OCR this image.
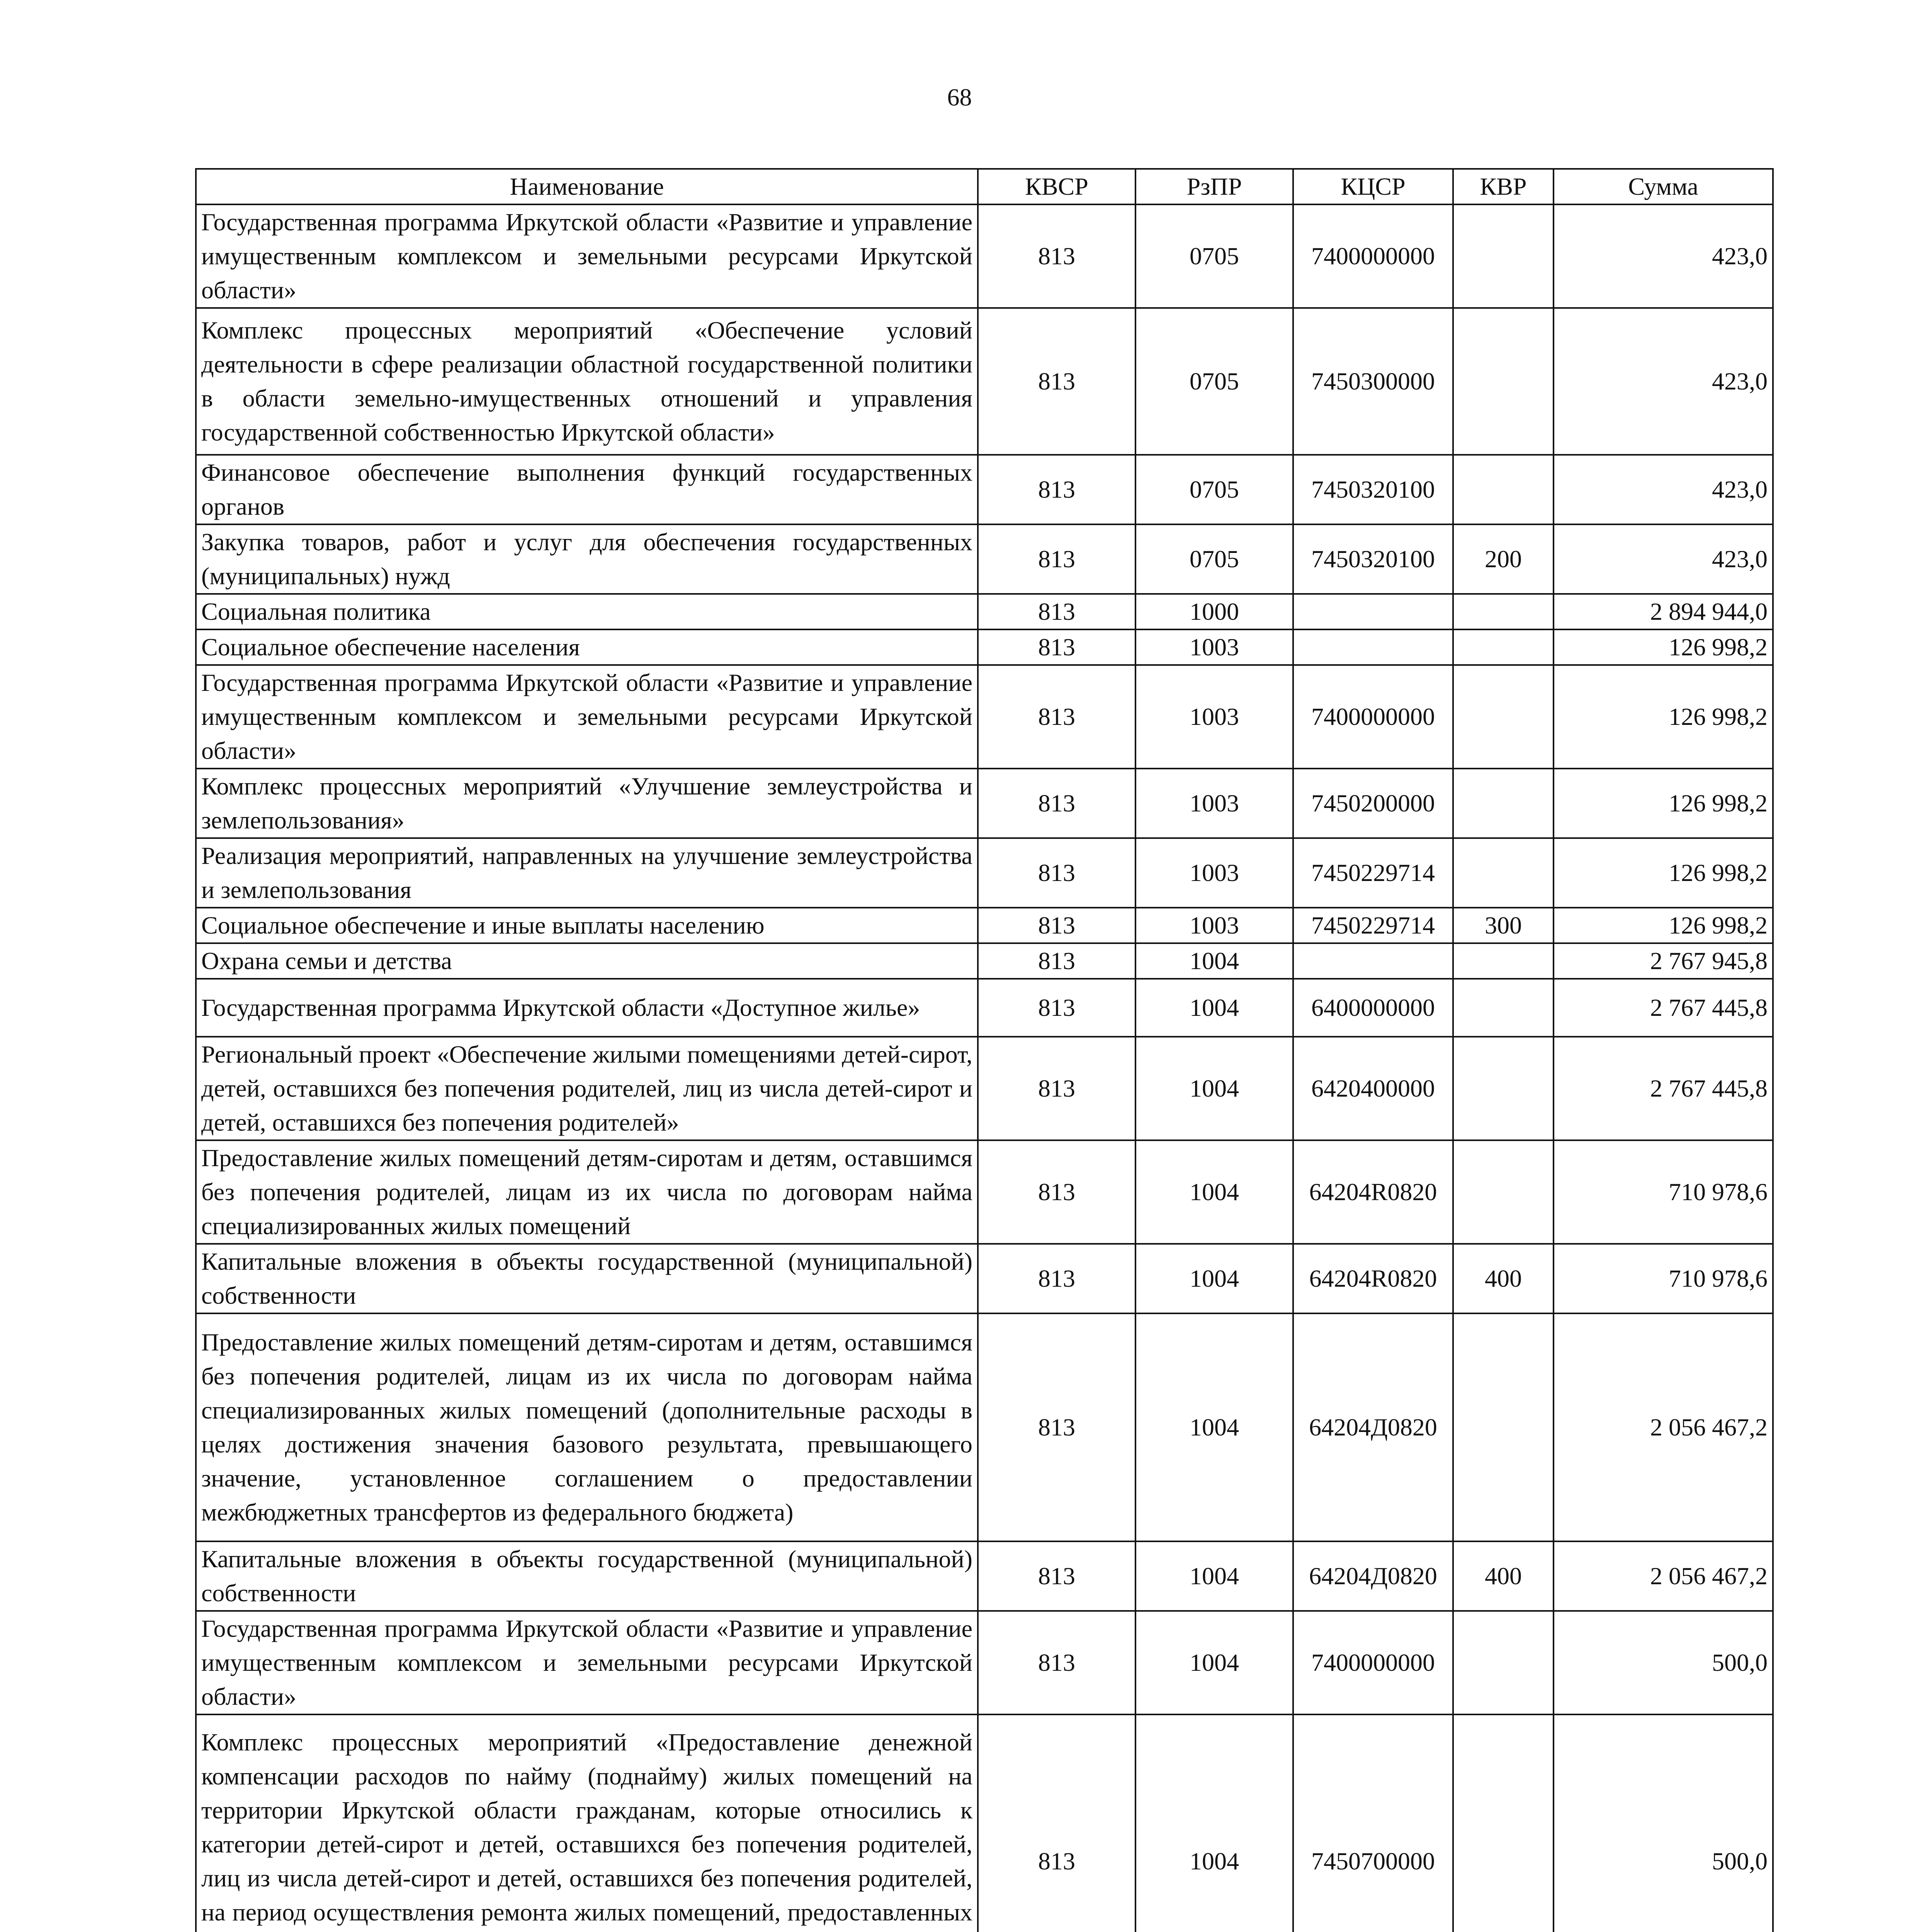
68
Наименование	КВСР	РзПР	КЦСР	КВР	Сумма
Государственная программа Иркутской области «Развитие и управление имущественным комплексом и земельными ресурсами Иркутской области»	813	0705	7400000000		423,0
Комплекс процессных мероприятий «Обеспечение условий деятельности в сфере реализации областной государственной политики в области земельно-имущественных отношений и управления государственной собственностью Иркутской области»	813	0705	7450300000		423,0
Финансовое обеспечение выполнения функций государственных органов	813	0705	7450320100		423,0
Закупка товаров, работ и услуг для обеспечения государственных (муниципальных) нужд	813	0705	7450320100	200	423,0
Социальная политика	813	1000			2 894 944,0
Социальное обеспечение населения	813	1003			126 998,2
Государственная программа Иркутской области «Развитие и управление имущественным комплексом и земельными ресурсами Иркутской области»	813	1003	7400000000		126 998,2
Комплекс процессных мероприятий «Улучшение землеустройства и землепользования»	813	1003	7450200000		126 998,2
Реализация мероприятий, направленных на улучшение землеустройства и землепользования	813	1003	7450229714		126 998,2
Социальное обеспечение и иные выплаты населению	813	1003	7450229714	300	126 998,2
Охрана семьи и детства	813	1004			2 767 945,8
Государственная программа Иркутской области «Доступное жилье»	813	1004	6400000000		2 767 445,8
Региональный проект «Обеспечение жилыми помещениями детей-сирот, детей, оставшихся без попечения родителей, лиц из числа детей-сирот и детей, оставшихся без попечения родителей»	813	1004	6420400000		2 767 445,8
Предоставление жилых помещений детям-сиротам и детям, оставшимся без попечения родителей, лицам из их числа по договорам найма специализированных жилых помещений	813	1004	64204R0820		710 978,6
Капитальные вложения в объекты государственной (муниципальной) собственности	813	1004	64204R0820	400	710 978,6
Предоставление жилых помещений детям-сиротам и детям, оставшимся без попечения родителей, лицам из их числа по договорам найма специализированных жилых помещений (дополнительные расходы в целях достижения значения базового результата, превышающего значение, установленное соглашением о предоставлении межбюджетных трансфертов из федерального бюджета)	813	1004	64204Д0820		2 056 467,2
Капитальные вложения в объекты государственной (муниципальной) собственности	813	1004	64204Д0820	400	2 056 467,2
Государственная программа Иркутской области «Развитие и управление имущественным комплексом и земельными ресурсами Иркутской области»	813	1004	7400000000		500,0
Комплекс процессных мероприятий «Предоставление денежной компенсации расходов по найму (поднайму) жилых помещений на территории Иркутской области гражданам, которые относились к категории детей-сирот и детей, оставшихся без попечения родителей, лиц из числа детей-сирот и детей, оставшихся без попечения родителей, на период осуществления ремонта жилых помещений, предоставленных	813	1004	7450700000		500,0
